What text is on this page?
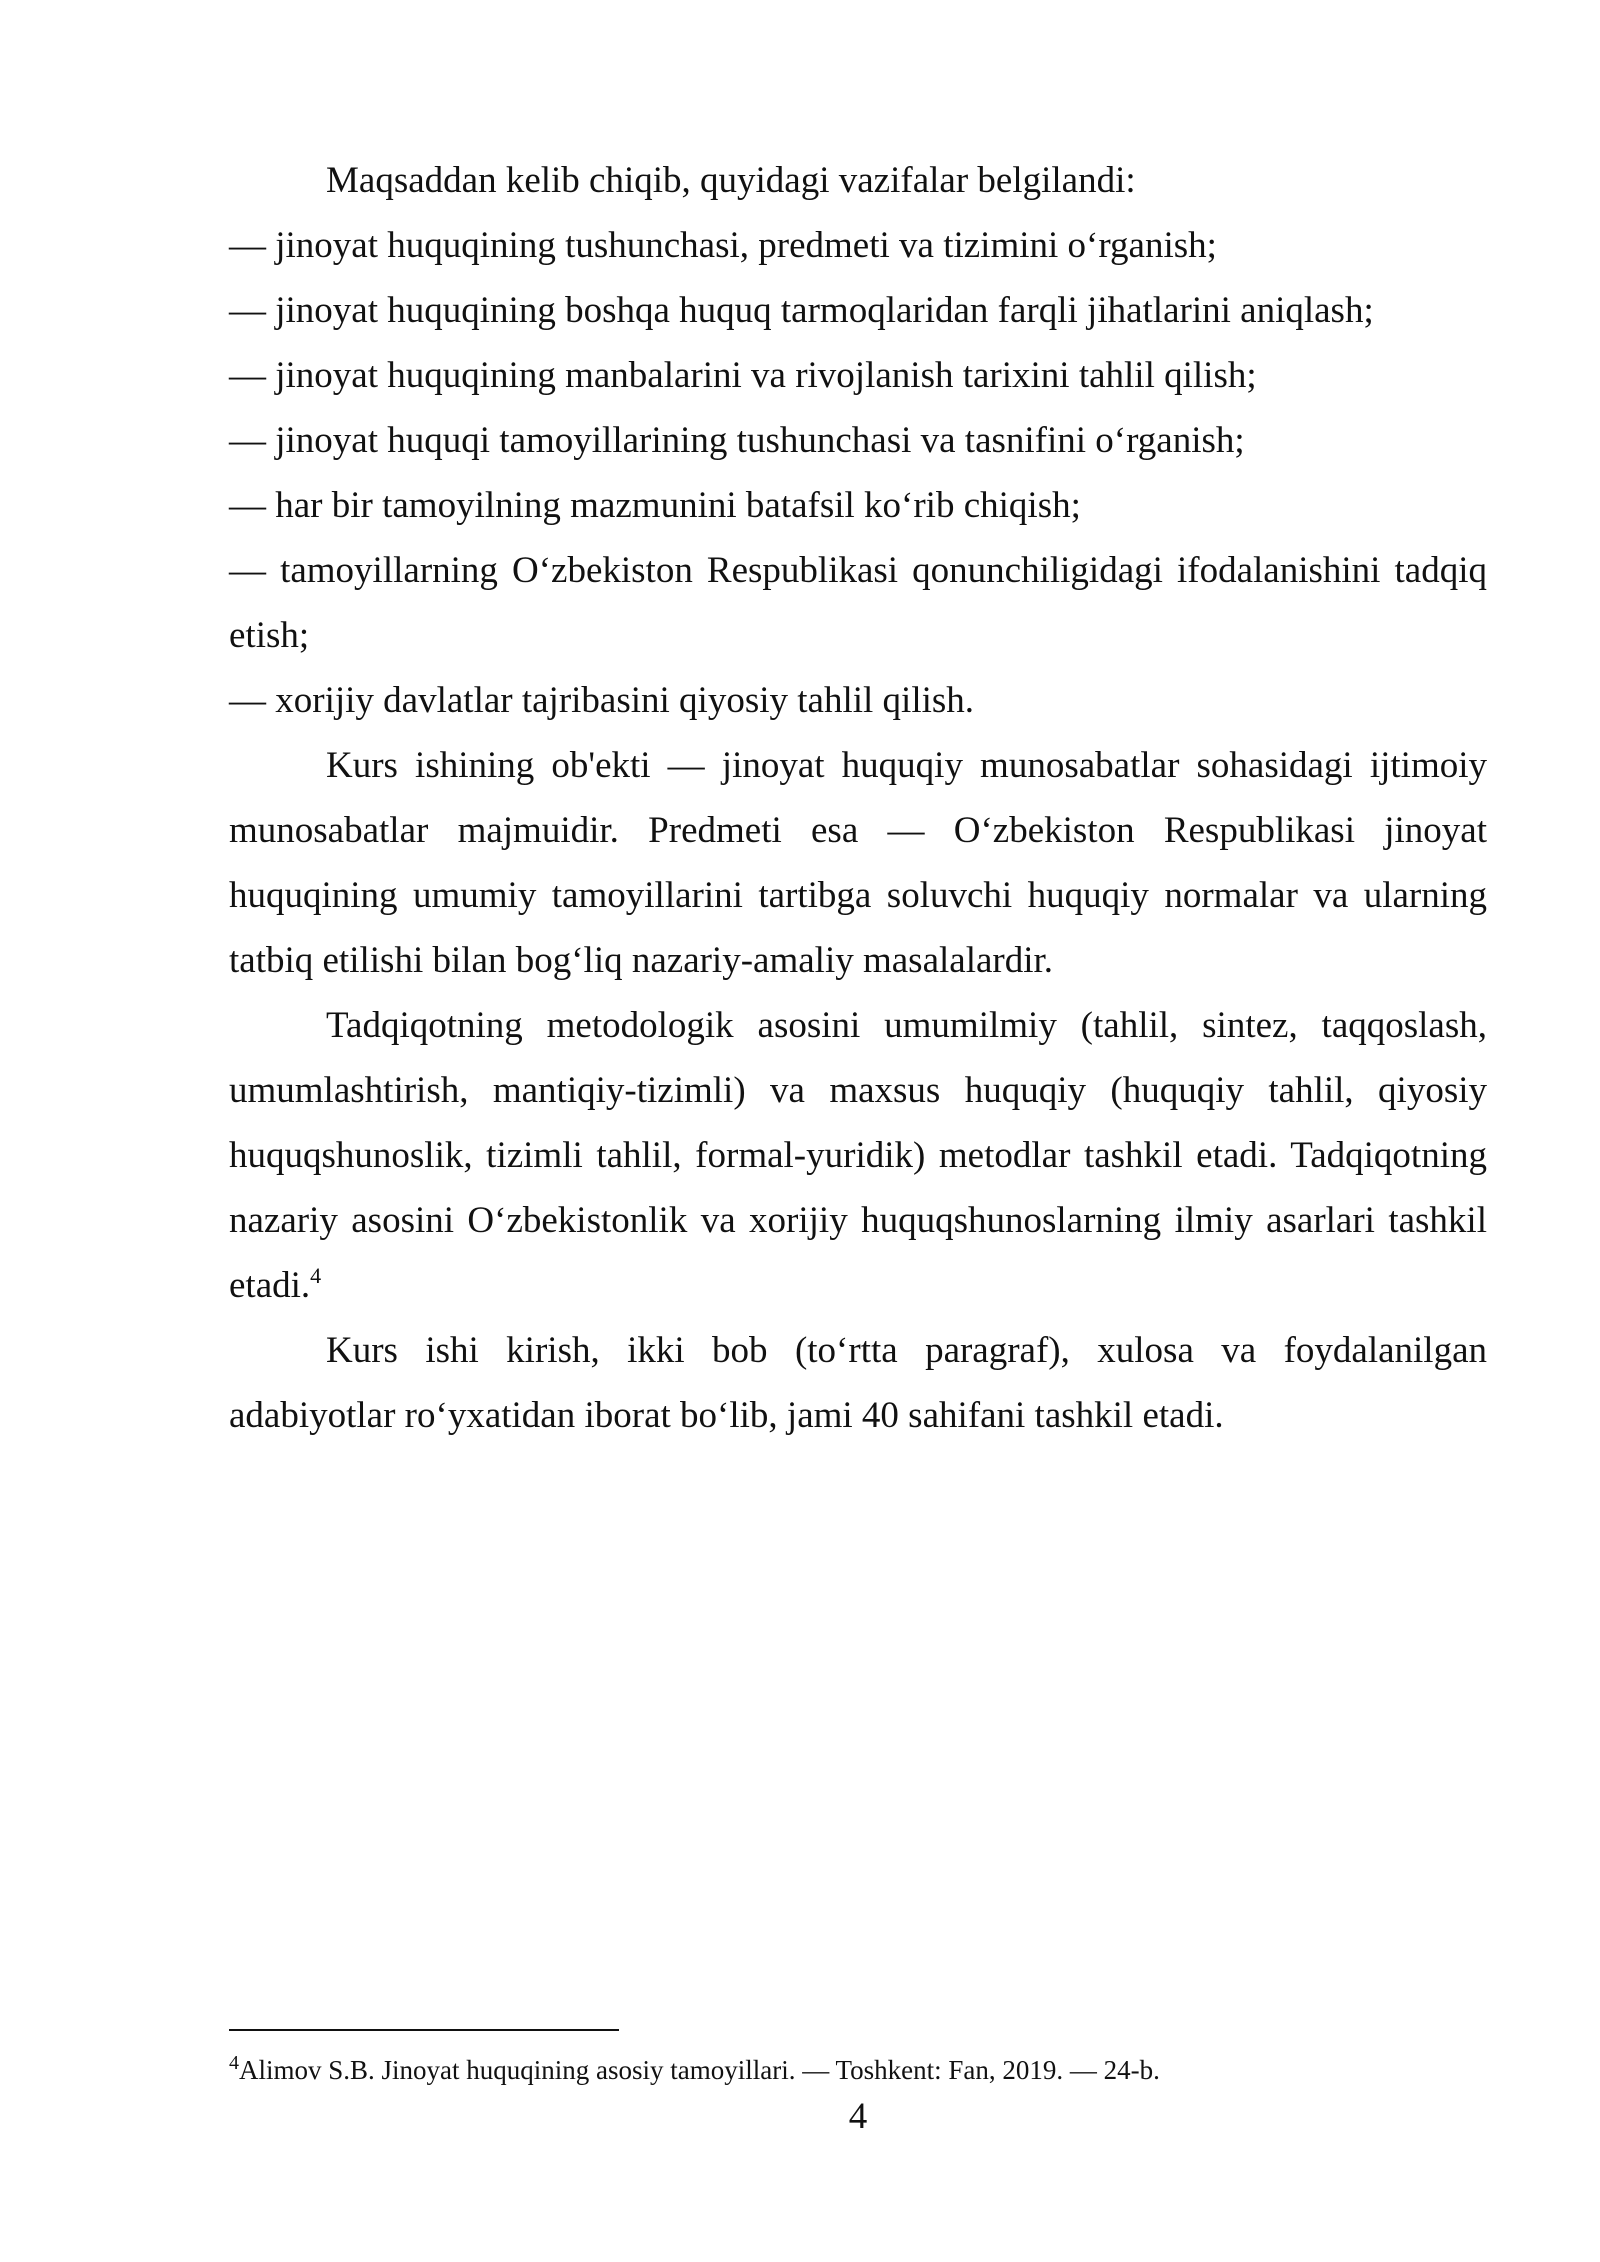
Maqsaddan kelib chiqib, quyidagi vazifalar belgilandi:

— jinoyat huquqining tushunchasi, predmeti va tizimini o‘rganish;

— jinoyat huquqining boshqa huquq tarmoqlaridan farqli jihatlarini aniqlash;

— jinoyat huquqining manbalarini va rivojlanish tarixini tahlil qilish;

— jinoyat huquqi tamoyillarining tushunchasi va tasnifini o‘rganish;

— har bir tamoyilning mazmunini batafsil ko‘rib chiqish;

— tamoyillarning O‘zbekiston Respublikasi qonunchiligidagi ifodalanishini tadqiq etish;

— xorijiy davlatlar tajribasini qiyosiy tahlil qilish.

Kurs ishining ob'ekti — jinoyat huquqiy munosabatlar sohasidagi ijtimoiy munosabatlar majmuidir. Predmeti esa — O‘zbekiston Respublikasi jinoyat huquqining umumiy tamoyillarini tartibga soluvchi huquqiy normalar va ularning tatbiq etilishi bilan bog‘liq nazariy-amaliy masalalardir.

Tadqiqotning metodologik asosini umumilmiy (tahlil, sintez, taqqoslash, umumlashtirish, mantiqiy-tizimli) va maxsus huquqiy (huquqiy tahlil, qiyosiy huquqshunoslik, tizimli tahlil, formal-yuridik) metodlar tashkil etadi. Tadqiqotning nazariy asosini O‘zbekistonlik va xorijiy huquqshunoslarning ilmiy asarlari tashkil etadi.$^4$

Kurs ishi kirish, ikki bob (to‘rtta paragraf), xulosa va foydalanilgan adabiyotlar ro‘yxatidan iborat bo‘lib, jami 40 sahifani tashkil etadi.

$^4$Alimov S.B. Jinoyat huquqining asosiy tamoyillari. — Toshkent: Fan, 2019. — 24-b.
4
